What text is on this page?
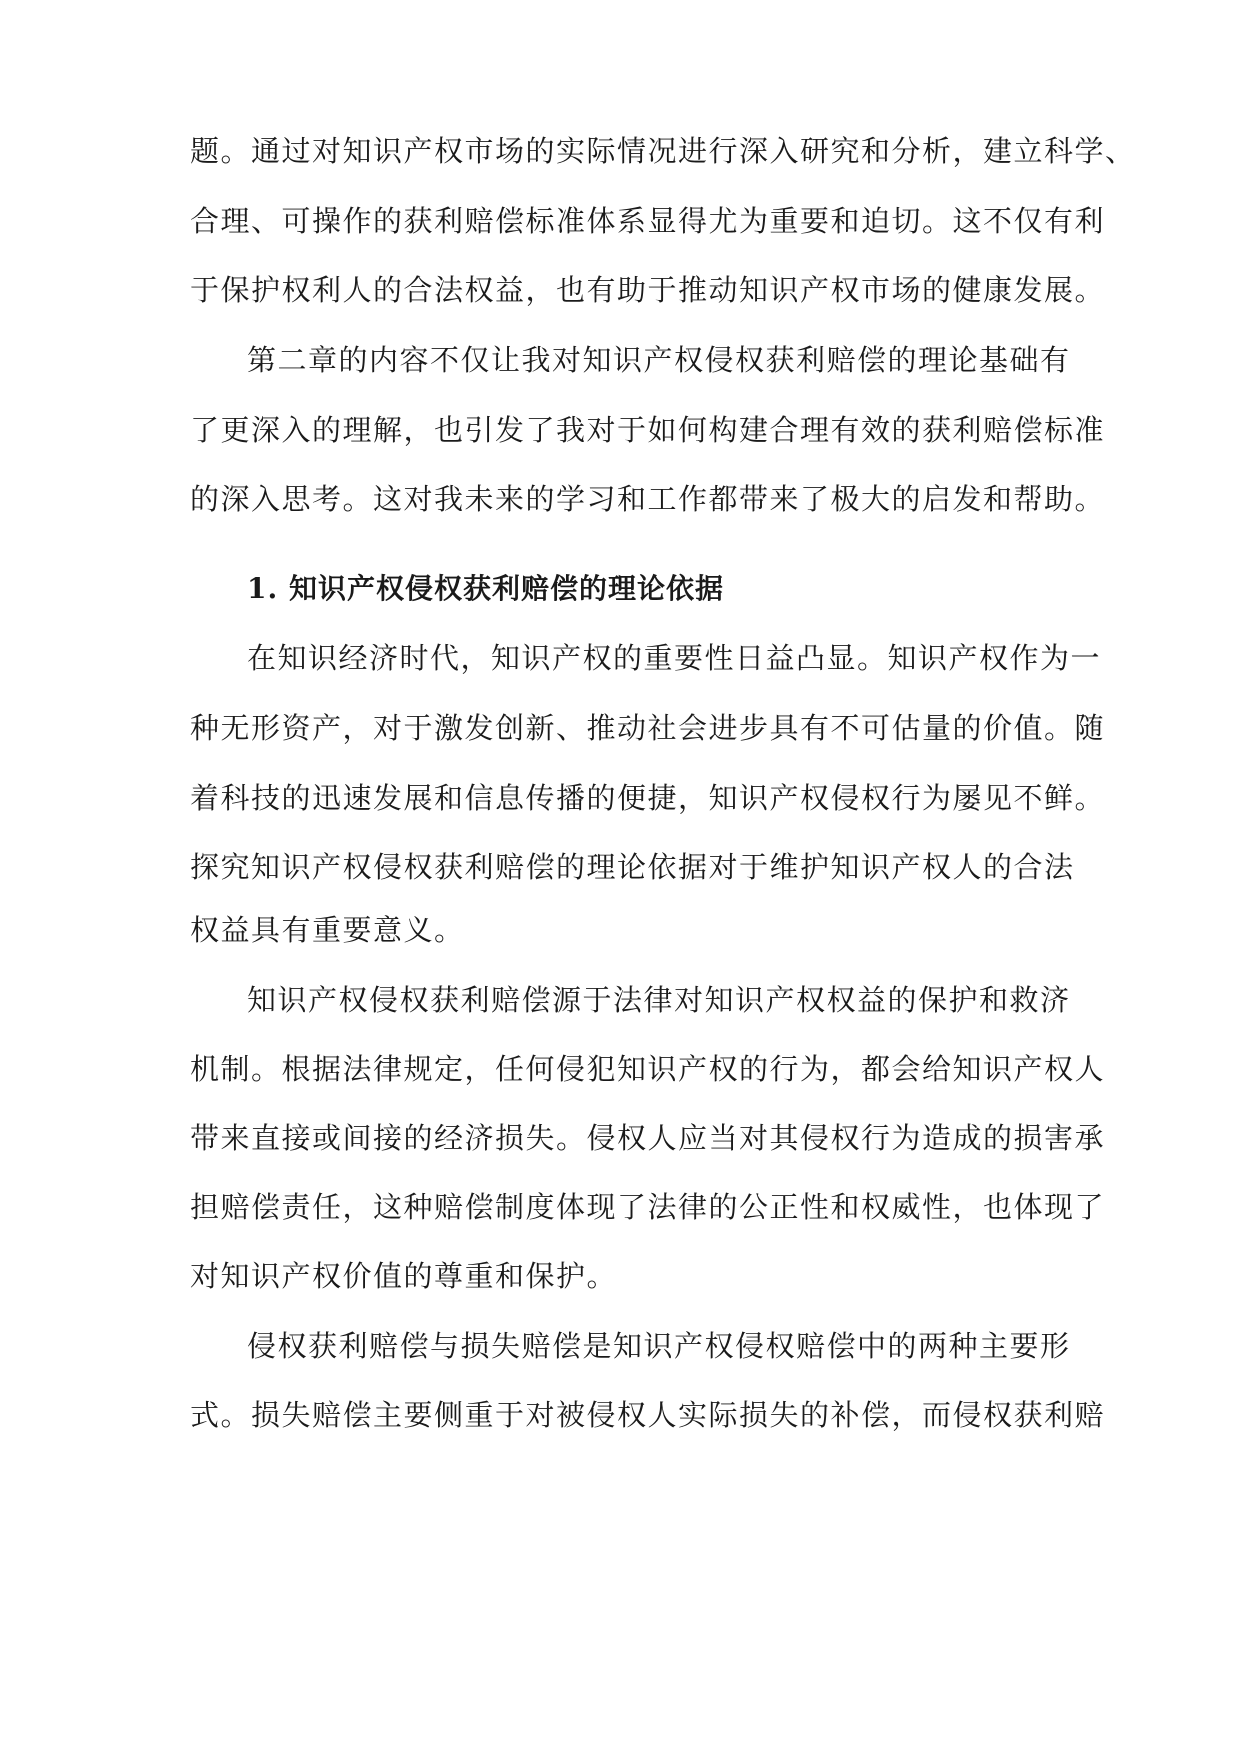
题。通过对知识产权市场的实际情况进行深入研究和分析，建立科学、
合理、可操作的获利赔偿标准体系显得尤为重要和迫切。这不仅有利
于保护权利人的合法权益，也有助于推动知识产权市场的健康发展。
第二章的内容不仅让我对知识产权侵权获利赔偿的理论基础有
了更深入的理解，也引发了我对于如何构建合理有效的获利赔偿标准
的深入思考。这对我未来的学习和工作都带来了极大的启发和帮助。
1. 知识产权侵权获利赔偿的理论依据
在知识经济时代，知识产权的重要性日益凸显。知识产权作为一
种无形资产，对于激发创新、推动社会进步具有不可估量的价值。随
着科技的迅速发展和信息传播的便捷，知识产权侵权行为屡见不鲜。
探究知识产权侵权获利赔偿的理论依据对于维护知识产权人的合法
权益具有重要意义。
知识产权侵权获利赔偿源于法律对知识产权权益的保护和救济
机制。根据法律规定，任何侵犯知识产权的行为，都会给知识产权人
带来直接或间接的经济损失。侵权人应当对其侵权行为造成的损害承
担赔偿责任，这种赔偿制度体现了法律的公正性和权威性，也体现了
对知识产权价值的尊重和保护。
侵权获利赔偿与损失赔偿是知识产权侵权赔偿中的两种主要形
式。损失赔偿主要侧重于对被侵权人实际损失的补偿，而侵权获利赔
